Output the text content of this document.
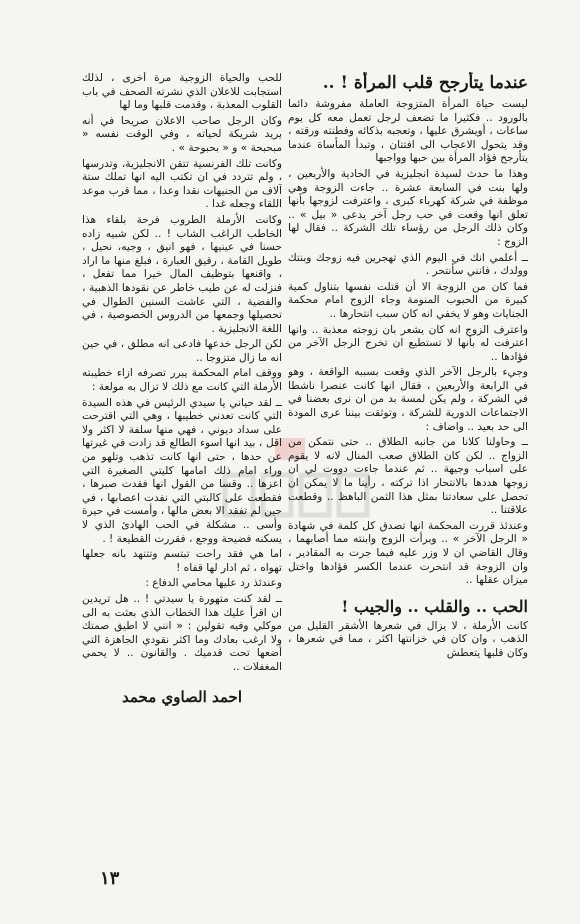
عندما يتأرجح قلب المرأة ! ..

ليست حياة المرأة المتزوجة العاملة مفروشة دائما بالورود .. فكثيرا ما تضعف لرجل تعمل معه كل يوم ساعات ، أويشرق عليها ، وتعجبه بذكائه وفطنته ورقته ، وقد يتحول الاعجاب الى افتتان ، وتبدأ المأساة عندما يتأرجح فؤاد المرأة بين حبها وواجبها

وهذا ما حدث لسيدة انجليزية في الحادية والأربعين ، ولها بنت في السابعة عشرة .. جاءت الزوجة وهي موظفة في شركة كهرباء كبرى ، واعترفت لزوجها بأنها تعلق انها وقعت في حب رجل آخر يدعى « بيل » .. وكان ذلك الرجل من رؤساء تلك الشركة .. فقال لها الزوج :

ــ أعلمي انك في اليوم الذي تهجرين فيه زوجك وبنتك وولدك ، فانني سأنتحر .

فما كان من الزوجة الا أن قتلت نفسها بتناول كمية كبيرة من الحبوب المنومة وجاء الزوج امام محكمة الجنايات وهو لا يخفي انه كان سبب انتحارها ..

واعترف الزوج انه كان يشعر بان زوجته معذبة .. وانها اعترفت له بأنها لا تستطيع ان تخرج الرجل الآخر من فؤادها ..

وجيء بالرجل الآخر الذي وقعت بسببه الواقعة ، وهو في الرابعة والأربعين ، فقال انها كانت عنصرا ناشطا في الشركة ، ولم يكن لمسة بد من ان نرى بعضنا في الاجتماعات الدورية للشركة ، وتوثقت بيننا عرى المودة الى حد بعيد .. واضاف :

ــ وحاولنا كلانا من جانبه الطلاق .. حتى نتمكن من الزواج .. لكن كان الطلاق صعب المنال لانه لا يقوم على اسباب وجيهة .. ثم عندما جاءت دووت لي ان زوجها هددها بالانتحار اذا تركته ، رأينا ما لا يمكن ان تحصل على سعادتنا بمثل هذا الثمن الباهظ .. وقطعت علاقتنا ..

وعندئذ قررت المحكمة انها تصدق كل كلمة في شهادة « الرجل الآخر » .. وبرأت الزوج وابنته مما أصابهما ، وقال القاضي ان لا وزر عليه فيما جرت به المقادير ، وان الزوجة قد انتحرت عندما الكسر فؤادها واختل ميزان عقلها ..

الحب .. والقلب .. والجيب !

كانت الأرملة ، لا يزال في شعرها الأشقر القليل من الذهب ، وان كان في خزانتها اكثر ، مما في شعرها ، وكان قلبها يتعطش

للحب والحياة الزوجية مرة أخرى ، لذلك استجابت للاعلان الذي نشرته الصحف في باب القلوب المعذبة ، وقدمت قلبها وما لها

وكان الرجل صاحب الاعلان صريحا في أنه يريد شريكة لحياته ، وفي الوقت نفسه « مبحبحة » و « بحبوحة » .

وكانت تلك الفرنسية تتقن الانجليزية، وتدرسها ، ولم تتردد في ان تكتب اليه انها تملك ستة آلاف من الجنيهات نقدا وعدا ، مما قرب موعد اللقاء وجعله غدا .

وكانت الأرملة الطروب فرحة بلقاء هذا الخاطب الراغب الشاب ! .. لكن شبيه زاده حسنا في عينيها ، فهو انيق ، وجيه، نحيل ، طويل القامة ، رقيق العبارة ، فبلغ منها ما اراد ، واقنعها بتوظيف المال خيرا مما تفعل ، فنزلت له عن طيب خاطر عن نقودها الذهبية ، والفضية ، التي عاشت السنين الطوال في تحصيلها وجمعها من الدروس الخصوصية ، في اللغة الانجليزية .

لكن الرجل خدعها فادعى انه مطلق ، في حين انه ما زال متزوجا ..

ووقف امام المحكمة يبرر تصرفه ازاء خطيبته الأرملة التي كانت مع ذلك لا تزال به مولعة :

ــ لقد حياني يا سيدي الرئيس في هذه السيدة التي كانت تعدني خطيبها ، وهي التي اقترحت على سداد ديوني ، فهي منها سلفة لا اكثر ولا اقل ، بيد انها اسوء الطالع قد زادت في غيرتها عن حدها ، حتى انها كانت تذهب وتلهو من وراء امام ذلك امامها كليتي الصغيرة التي اعزها .. وقسا من القول انها فقدت صبرها ، فقطعت على كالبتي التي نفدت اعصابها ، في حين لم تفقد الا بعض مالها ، وأمست في حيرة وأسى .. مشكلة في الحب الهادئ الذي لا يسكنه فضيحة ووجع ، فقررت القطيعة ! .

اما هي فقد راحت تبتسم وتتنهد بانه جعلها تهواه ، ثم ادار لها قفاه !

وعندئذ رد عليها محامي الدفاع :

ــ لقد كنت متهورة يا سيدتي ! .. هل تريدين ان اقرأ عليك هذا الخطاب الذي بعثت به الى موكلي وفيه تقولين : « انني لا اطيق صمتك ولا ارغب بعادك وما اكثر نقودي الجاهزة التي أضعها تحت قدميك . والقانون .. لا يحمي المغفلات ..

احمد الصاوي محمد
١٣
